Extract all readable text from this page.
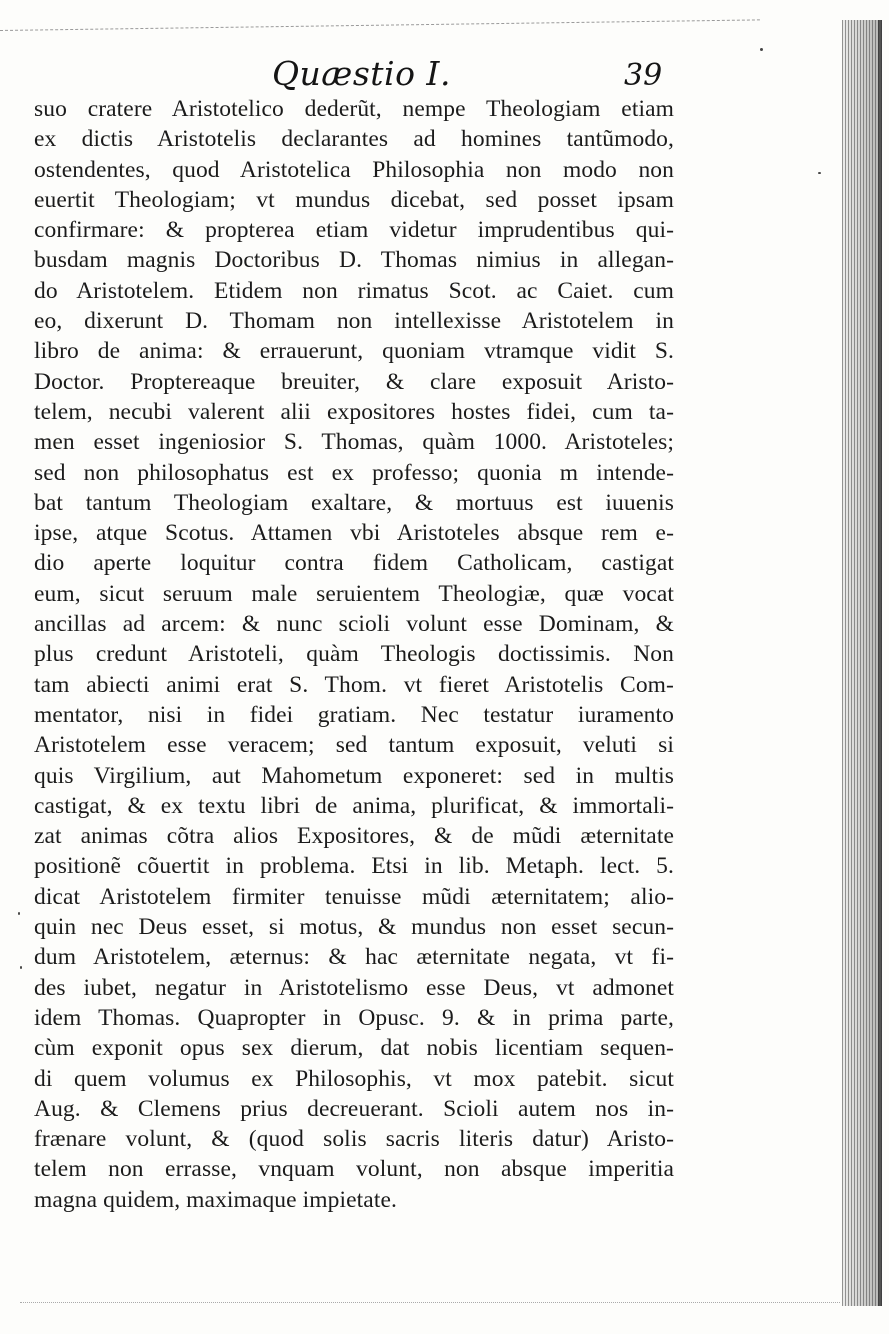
Quæstio I.	39
suo cratere Aristotelico dederũt, nempe Theologiam etiam
ex dictis Aristotelis declarantes ad homines tantũmodo,
ostendentes, quod Aristotelica Philosophia non modo non
euertit Theologiam; vt mundus dicebat, sed posset ipsam
confirmare: & propterea etiam videtur imprudentibus qui-
busdam magnis Doctoribus D. Thomas nimius in allegan-
do Aristotelem. Etidem non rimatus Scot. ac Caiet. cum
eo, dixerunt D. Thomam non intellexisse Aristotelem in
libro de anima: & errauerunt, quoniam vtramque vidit S.
Doctor. Proptereaque breuiter, & clare exposuit Aristo-
telem, necubi valerent alii expositores hostes fidei, cum ta-
men esset ingeniosior S. Thomas, quàm 1000. Aristoteles;
sed non philosophatus est ex professo; quonia m intende-
bat tantum Theologiam exaltare, & mortuus est iuuenis
ipse, atque Scotus. Attamen vbi Aristoteles absque rem e-
dio aperte loquitur contra fidem Catholicam, castigat
eum, sicut seruum male seruientem Theologiæ, quæ vocat
ancillas ad arcem: & nunc scioli volunt esse Dominam, &
plus credunt Aristoteli, quàm Theologis doctissimis. Non
tam abiecti animi erat S. Thom. vt fieret Aristotelis Com-
mentator, nisi in fidei gratiam. Nec testatur iuramento
Aristotelem esse veracem; sed tantum exposuit, veluti si
quis Virgilium, aut Mahometum exponeret: sed in multis
castigat, & ex textu libri de anima, plurificat, & immortali-
zat animas cõtra alios Expositores, & de mũdi æternitate
positionẽ cõuertit in problema. Etsi in lib. Metaph. lect. 5.
dicat Aristotelem firmiter tenuisse mũdi æternitatem; alio-
quin nec Deus esset, si motus, & mundus non esset secun-
dum Aristotelem, æternus: & hac æternitate negata, vt fi-
des iubet, negatur in Aristotelismo esse Deus, vt admonet
idem Thomas. Quapropter in Opusc. 9. & in prima parte,
cùm exponit opus sex dierum, dat nobis licentiam sequen-
di quem volumus ex Philosophis, vt mox patebit. sicut
Aug. & Clemens prius decreuerant. Scioli autem nos in-
frænare volunt, & (quod solis sacris literis datur) Aristo-
telem non errasse, vnquam volunt, non absque imperitia
magna quidem, maximaque impietate.
